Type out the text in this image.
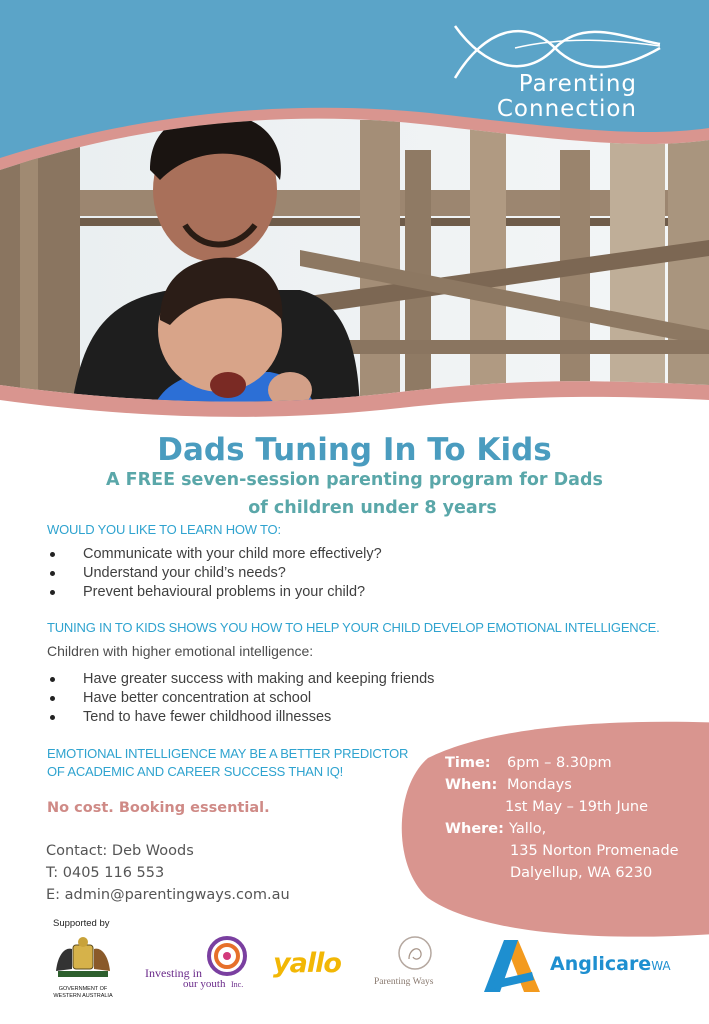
Parenting
Connection
Dads Tuning In To Kids
A FREE seven-session parenting program for Dads
of children under 8 years
WOULD YOU LIKE TO LEARN HOW TO:
Communicate with your child more effectively?
Understand your child’s needs?
Prevent behavioural problems in your child?
TUNING IN TO KIDS SHOWS YOU HOW TO HELP YOUR CHILD DEVELOP EMOTIONAL INTELLIGENCE.
Children with higher emotional intelligence:
Have greater success with making and keeping friends
Have better concentration at school
Tend to have fewer childhood illnesses
EMOTIONAL INTELLIGENCE MAY BE A BETTER PREDICTOR
OF ACADEMIC AND CAREER SUCCESS THAN IQ!
No cost. Booking essential.
Contact: Deb Woods
T: 0405 116 553
E: admin@parentingways.com.au
Time: 6pm – 8.30pm
When: Mondays
1st May – 19th June
Where: Yallo,
135 Norton Promenade
Dalyellup, WA 6230
Supported by
GOVERNMENT OF
WESTERN AUSTRALIA
Investing in
our youth Inc.
yallo
Parenting Ways
AnglicareWA
